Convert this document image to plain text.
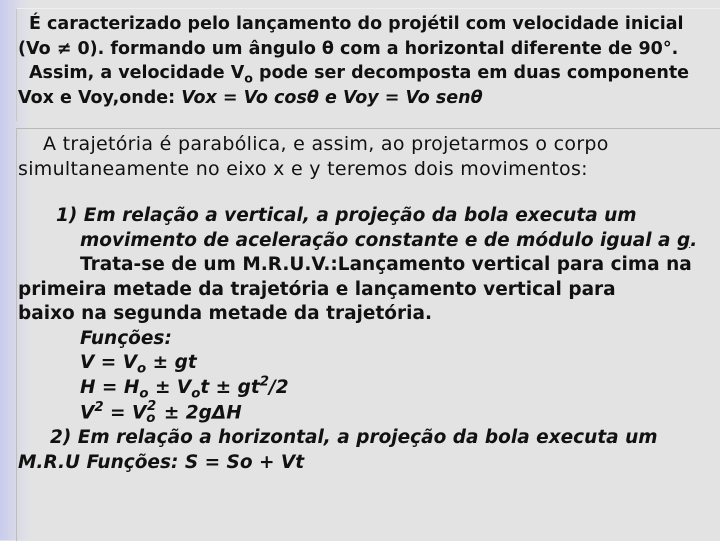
É caracterizado pelo lançamento do projétil com velocidade inicial
(Vo ≠ 0). formando um ângulo θ com a horizontal diferente de 90°.
Assim, a velocidade $V_o$ pode ser decomposta em duas componente
Vox e Voy,onde: Vox = Vo cosθ e Voy = Vo senθ
A trajetória é parabólica, e assim, ao projetarmos o corpo
simultaneamente no eixo x e y teremos dois movimentos:
1) Em relação a vertical, a projeção da bola executa um
movimento de aceleração constante e de módulo igual a g.
Trata-se de um M.R.U.V.:Lançamento vertical para cima na
primeira metade da trajetória e lançamento vertical para
baixo na segunda metade da trajetória.
Funções:
$V = V_o$ ± gt
$H = H_o \pm V_ot \pm gt^2/2$
$V^2 = V$ o
2 ± 2gΔH
2) Em relação a horizontal, a projeção da bola executa um
M.R.U Funções: S = So + Vt
